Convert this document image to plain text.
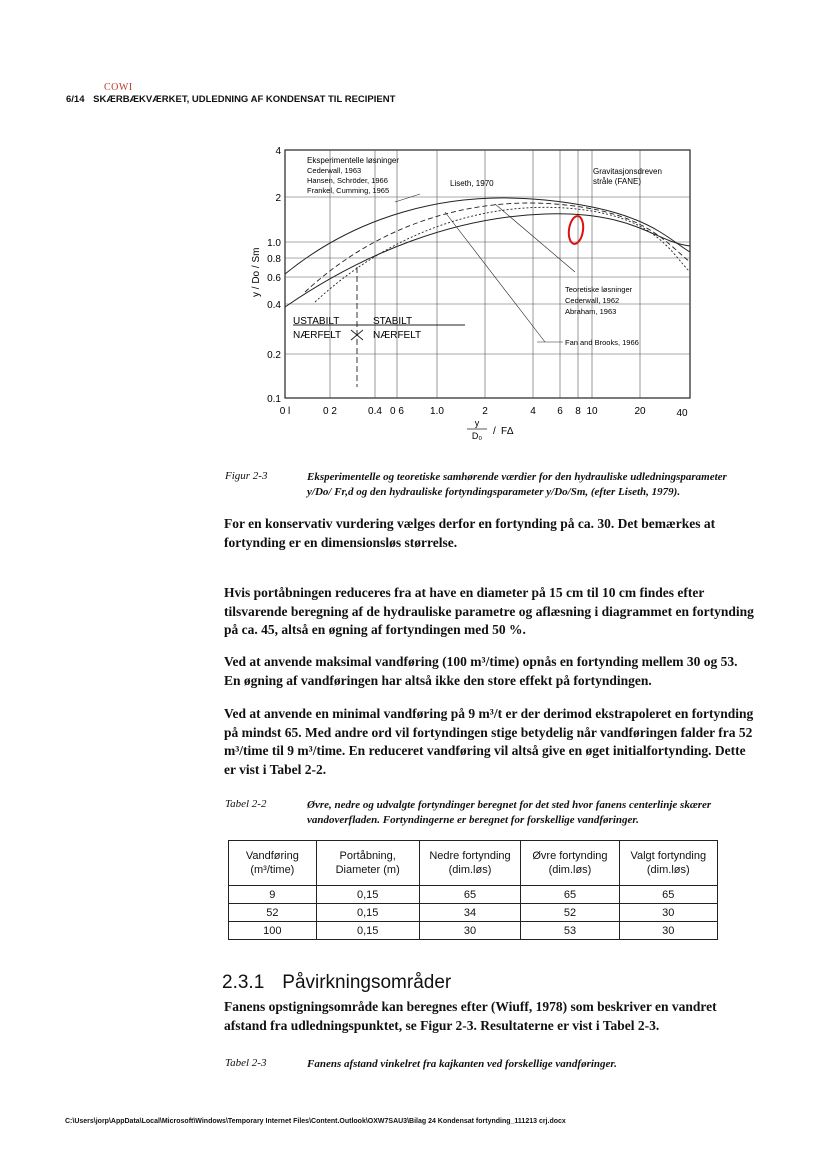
COWI
6/14 SKÆRBÆKVÆRKET, UDLEDNING AF KONDENSAT TIL RECIPIENT
USTABILT
NÆRFELT
STABILT
NÆRFELT
Eksperimentelle løsninger
Cederwall, 1963
Hansen, Schröder, 1966
Frankel, Cumming, 1965
Liseth, 1970
Gravitasjonsdreven
stråle (FANE)
Teoretiske løsninger
Cederwall, 1962
Abraham, 1963
Fan and Brooks, 1966
4
2
1.0
0.8
0.6
0.4
0.2
0.1
y / Do / Sm
0 l	0 2	0.4 0 6	1.0	2	4 6 8 10	20	40
y
D₀ / F∆
Figur 2-3	Eksperimentelle og teoretiske samhørende værdier for den hydrauliske udledningsparameter y/Do/ Fr,d og den hydrauliske fortyndingsparameter y/Do/Sm, (efter Liseth, 1979).

For en konservativ vurdering vælges derfor en fortynding på ca. 30. Det bemærkes at fortynding er en dimensionsløs størrelse.

Hvis portåbningen reduceres fra at have en diameter på 15 cm til 10 cm findes efter tilsvarende beregning af de hydrauliske parametre og aflæsning i diagrammet en fortynding på ca. 45, altså en øgning af fortyndingen med 50 %.

Ved at anvende maksimal vandføring (100 m³/time) opnås en fortynding mellem 30 og 53. En øgning af vandføringen har altså ikke den store effekt på fortyndingen.

Ved at anvende en minimal vandføring på 9 m³/t er der derimod ekstrapoleret en fortynding på mindst 65. Med andre ord vil fortyndingen stige betydelig når vandføringen falder fra 52 m³/time til 9 m³/time. En reduceret vandføring vil altså give en øget initialfortynding. Dette er vist i Tabel 2-2.

Tabel 2-2	Øvre, nedre og udvalgte fortyndinger beregnet for det sted hvor fanens centerlinje skærer vandoverfladen. Fortyndingerne er beregnet for forskellige vandføringer.
Vandføring (m³/time)	Portåbning, Diameter (m)	Nedre fortynding (dim.løs)	Øvre fortynding (dim.løs)	Valgt fortynding (dim.løs)
9	0,15	65	65	65
52	0,15	34	52	30
100	0,15	30	53	30
2.3.1 Påvirkningsområder

Fanens opstigningsområde kan beregnes efter (Wiuff, 1978) som beskriver en vandret afstand fra udledningspunktet, se Figur 2-3. Resultaterne er vist i Tabel 2-3.

Tabel 2-3	Fanens afstand vinkelret fra kajkanten ved forskellige vandføringer.
C:\Users\jorp\AppData\Local\Microsoft\Windows\Temporary Internet Files\Content.Outlook\OXW7SAU3\Bilag 24 Kondensat fortynding_111213 crj.docx
